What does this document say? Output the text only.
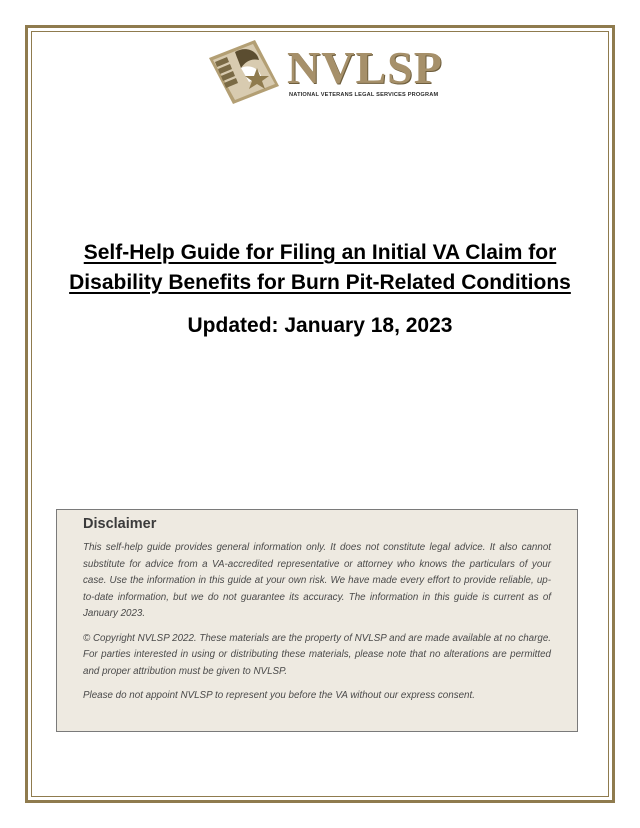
NVLSP
NATIONAL VETERANS LEGAL SERVICES PROGRAM
Self-Help Guide for Filing an Initial VA Claim for
Disability Benefits for Burn Pit-Related Conditions
Updated: January 18, 2023
Disclaimer

This self-help guide provides general information only. It does not constitute legal advice. It also cannot substitute for advice from a VA-accredited representative or attorney who knows the particulars of your case. Use the information in this guide at your own risk. We have made every effort to provide reliable, up-to-date information, but we do not guarantee its accuracy. The information in this guide is current as of January 2023.

© Copyright NVLSP 2022. These materials are the property of NVLSP and are made available at no charge. For parties interested in using or distributing these materials, please note that no alterations are permitted and proper attribution must be given to NVLSP.

Please do not appoint NVLSP to represent you before the VA without our express consent.
